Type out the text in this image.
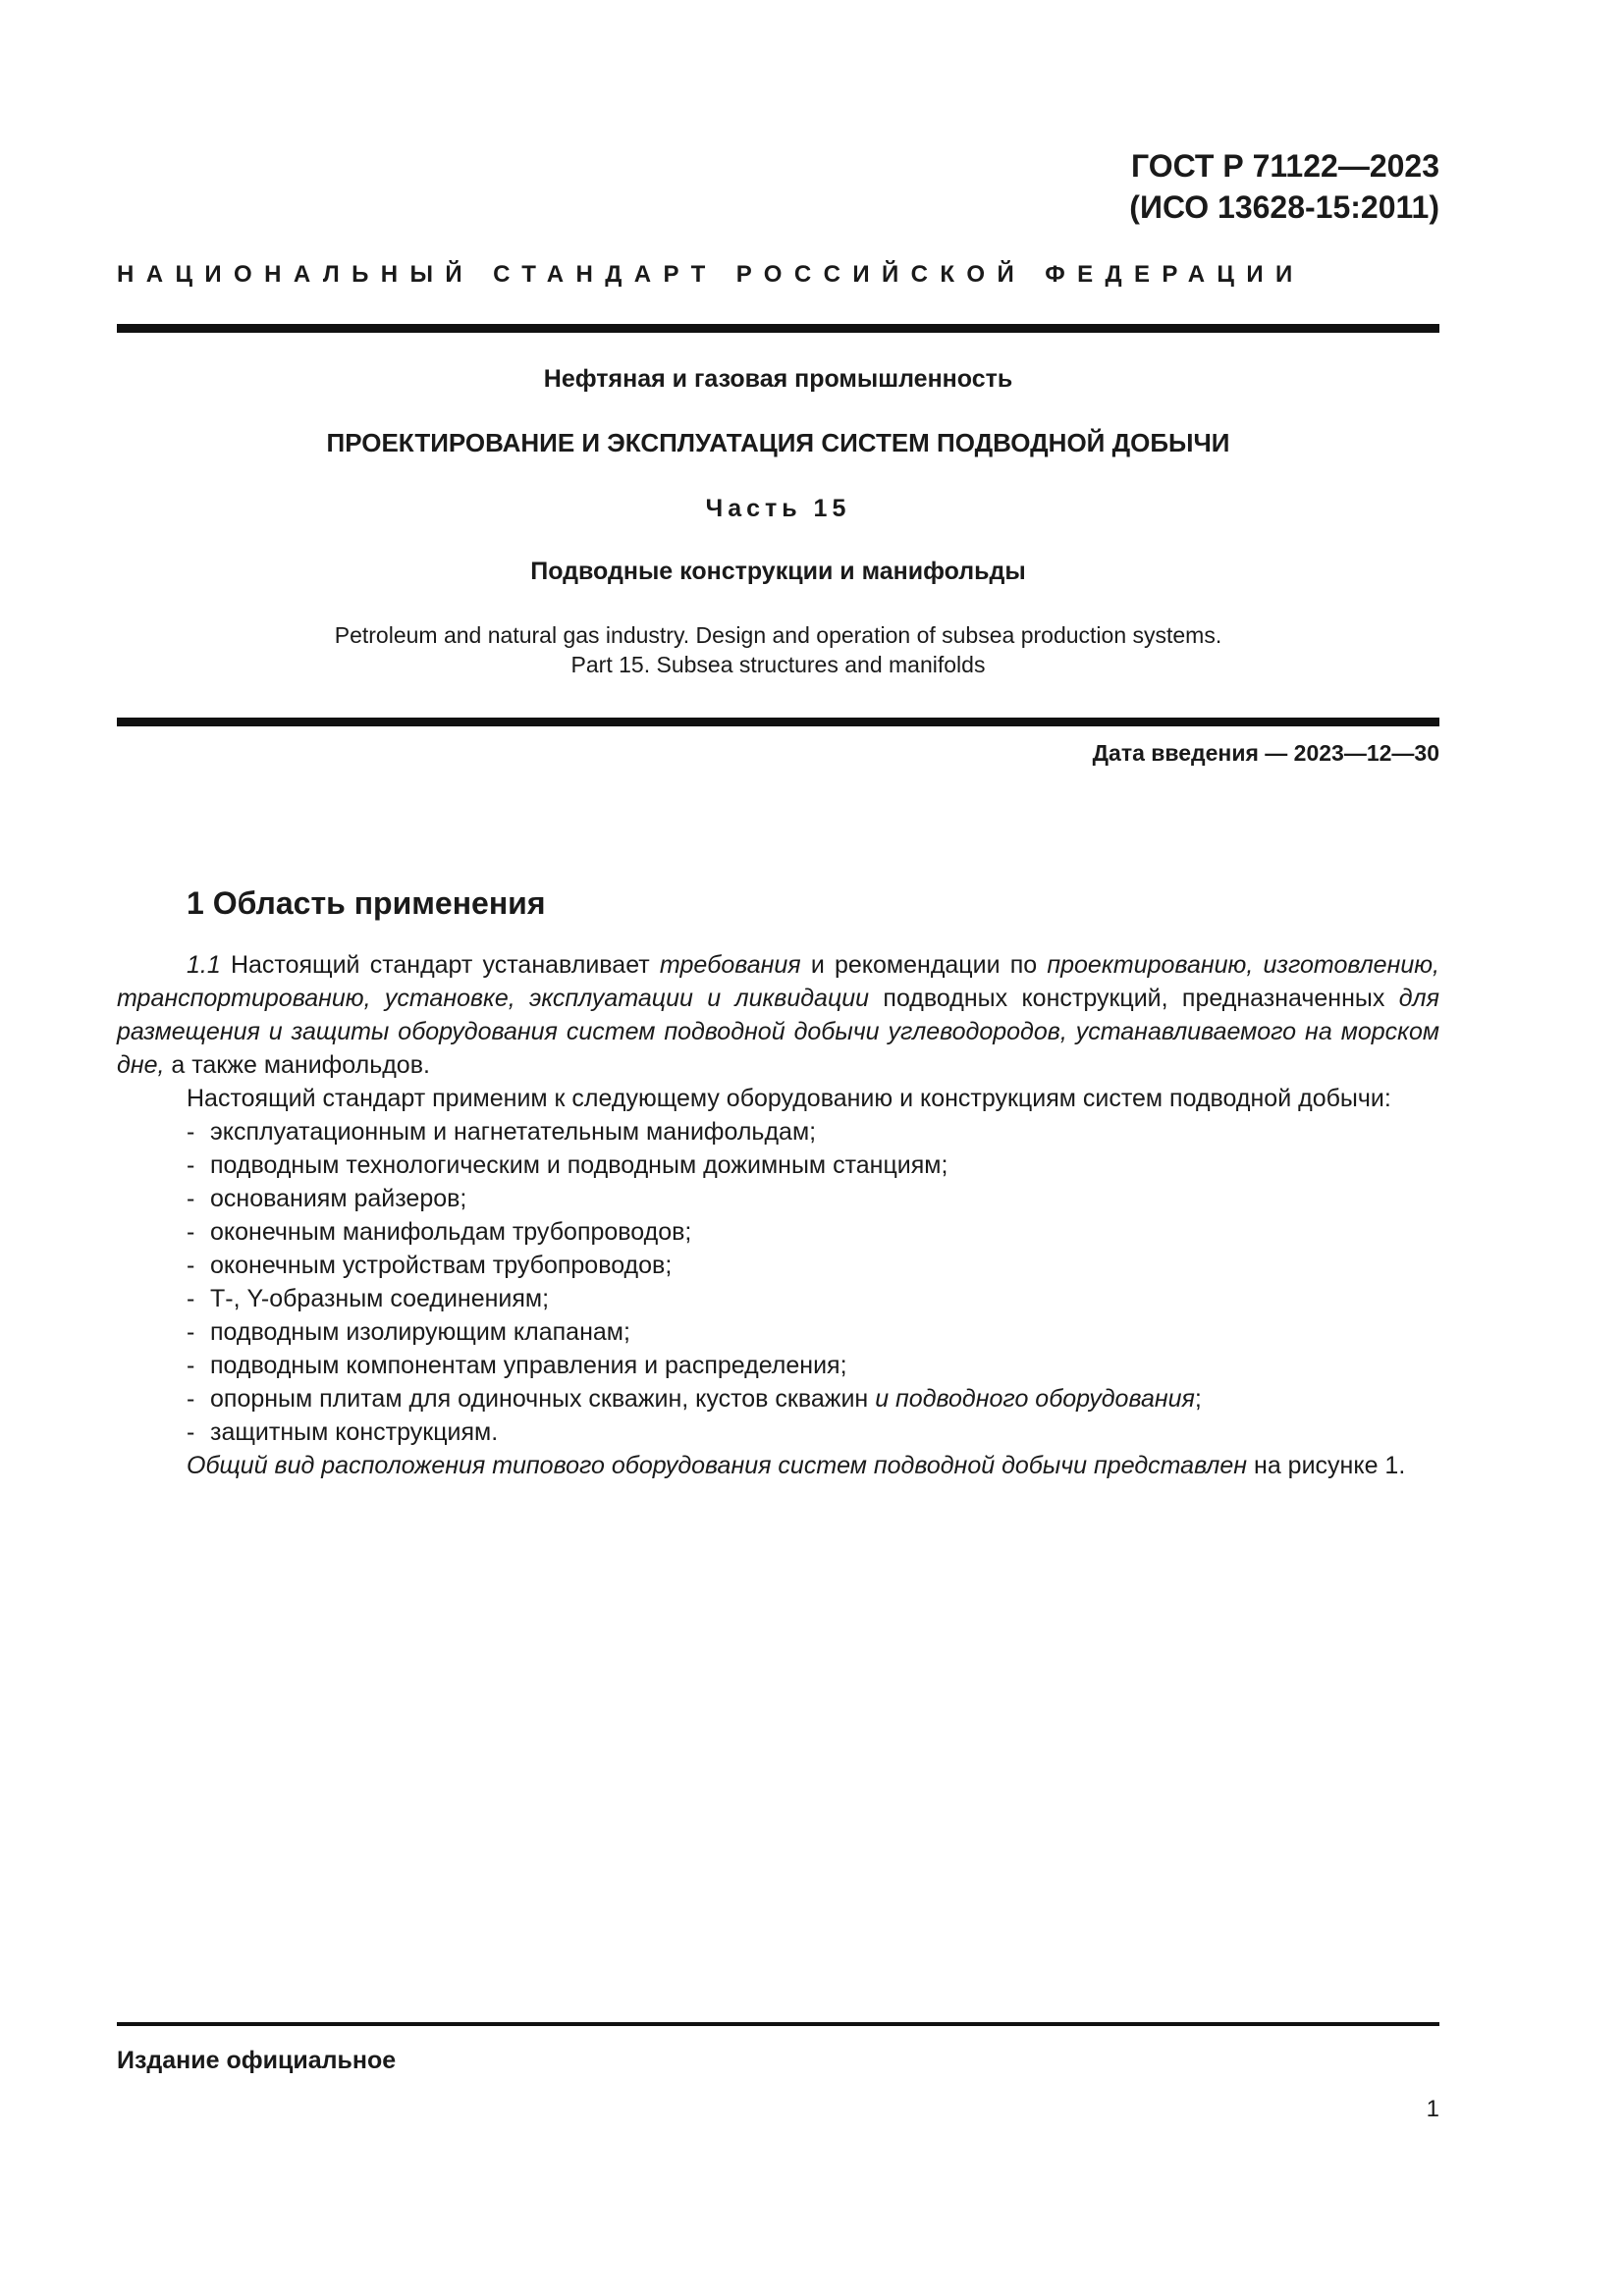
ГОСТ Р 71122—2023
(ИСО 13628-15:2011)
НАЦИОНАЛЬНЫЙ СТАНДАРТ РОССИЙСКОЙ ФЕДЕРАЦИИ
Нефтяная и газовая промышленность
ПРОЕКТИРОВАНИЕ И ЭКСПЛУАТАЦИЯ СИСТЕМ ПОДВОДНОЙ ДОБЫЧИ
Часть 15
Подводные конструкции и манифольды
Petroleum and natural gas industry. Design and operation of subsea production systems.
Part 15. Subsea structures and manifolds
Дата введения — 2023—12—30
1 Область применения

1.1 Настоящий стандарт устанавливает требования и рекомендации по проектированию, изготовлению, транспортированию, установке, эксплуатации и ликвидации подводных конструкций, предназначенных для размещения и защиты оборудования систем подводной добычи углеводородов, устанавливаемого на морском дне, а также манифольдов.

Настоящий стандарт применим к следующему оборудованию и конструкциям систем подводной добычи:

- эксплуатационным и нагнетательным манифольдам;
- подводным технологическим и подводным дожимным станциям;
- основаниям райзеров;
- оконечным манифольдам трубопроводов;
- оконечным устройствам трубопроводов;
- Т-, Y-образным соединениям;
- подводным изолирующим клапанам;
- подводным компонентам управления и распределения;
- опорным плитам для одиночных скважин, кустов скважин и подводного оборудования;
- защитным конструкциям.

Общий вид расположения типового оборудования систем подводной добычи представлен на рисунке 1.

Издание официальное
1
